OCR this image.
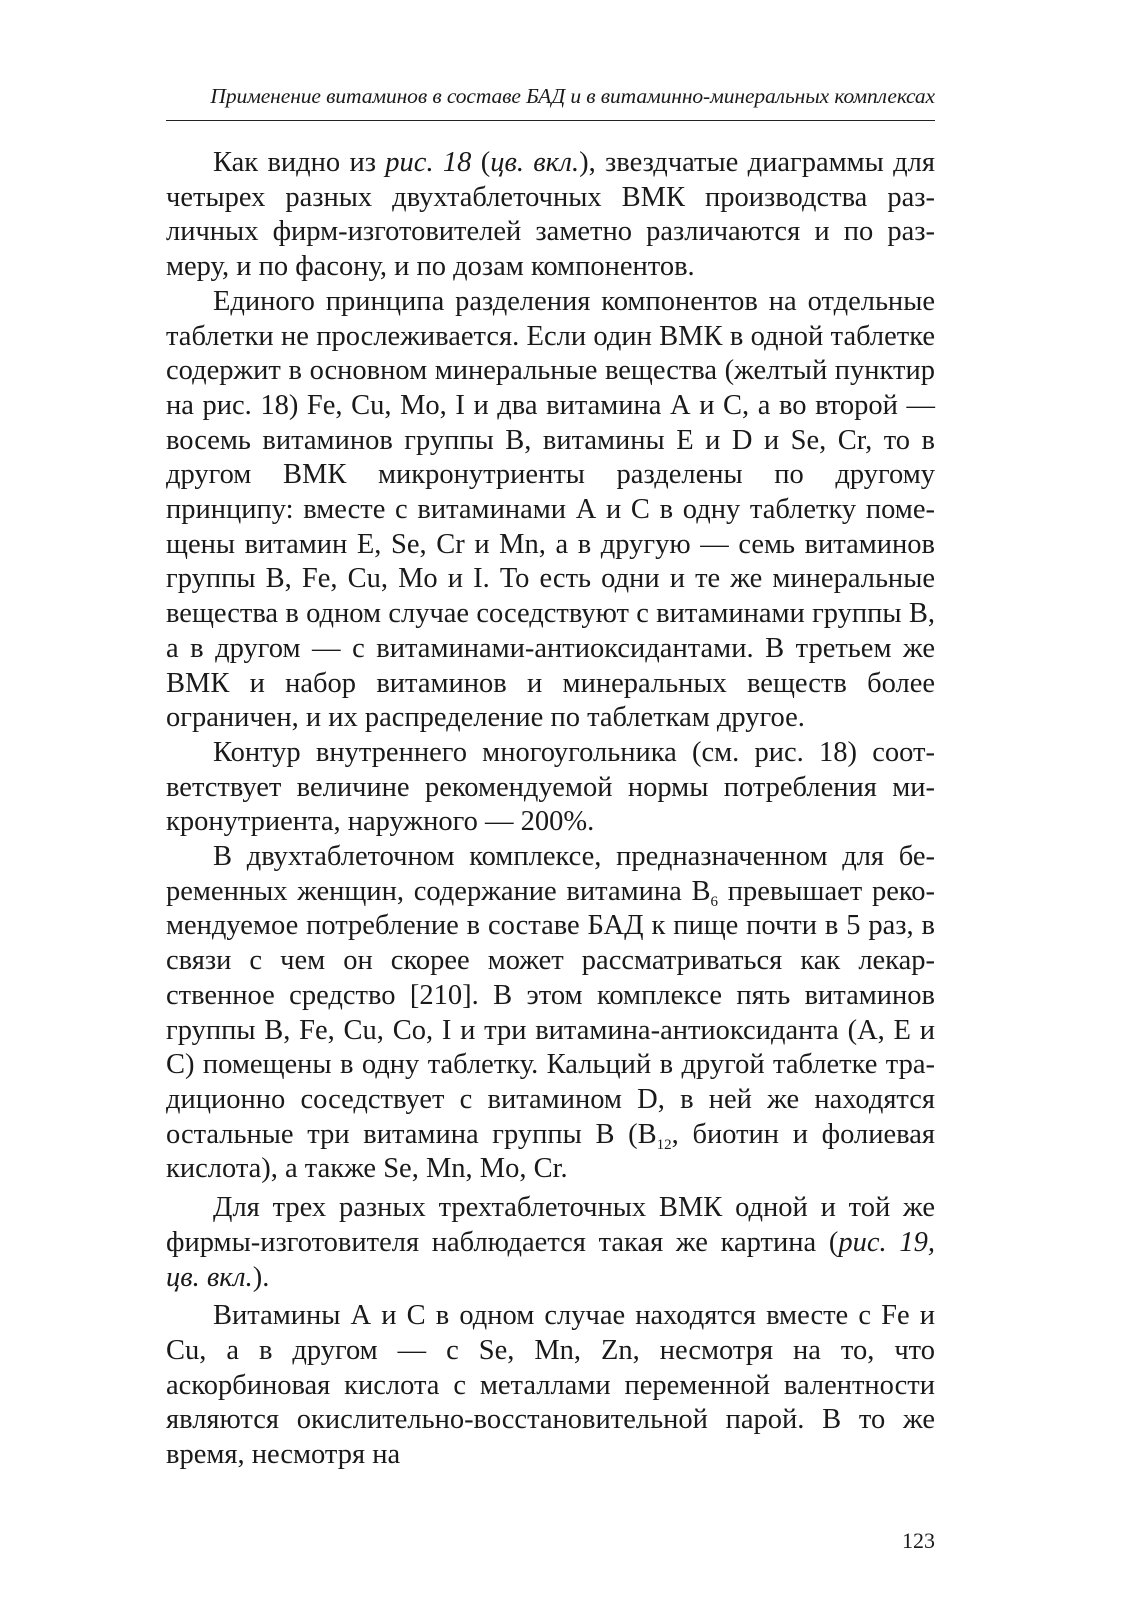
Применение витаминов в составе БАД и в витаминно-минеральных комплексах

Как видно из рис. 18 (цв. вкл.), звездчатые диаграммы для четырех разных двухтаблеточных ВМК производства различных фирм-изготовителей заметно различаются и по размеру, и по фасону, и по дозам компонентов.

Единого принципа разделения компонентов на отдельные таблетки не прослеживается. Если один ВМК в одной таблетке содержит в основном минеральные вещества (желтый пунктир на рис. 18) Fe, Cu, Mo, I и два витамина А и С, а во второй — восемь витаминов группы В, витамины Е и D и Se, Cr, то в другом ВМК микронутриенты разделены по другому принципу: вместе с витаминами А и С в одну таблетку помещены витамин Е, Se, Cr и Mn, а в другую — семь витаминов группы В, Fe, Cu, Mo и I. То есть одни и те же минеральные вещества в одном случае соседствуют с витаминами группы В, а в другом — с витаминами-антиоксидантами. В третьем же ВМК и набор витаминов и минеральных веществ более ограничен, и их распределение по таблеткам другое.

Контур внутреннего многоугольника (см. рис. 18) соответствует величине рекомендуемой нормы потребления микронутриента, наружного — 200%.

В двухтаблеточном комплексе, предназначенном для беременных женщин, содержание витамина $В_6$ превышает рекомендуемое потребление в составе БАД к пище почти в 5 раз, в связи с чем он скорее может рассматриваться как лекарственное средство [210]. В этом комплексе пять витаминов группы В, Fe, Cu, Co, I и три витамина-антиоксиданта (А, Е и С) помещены в одну таблетку. Кальций в другой таблетке традиционно соседствует с витамином D, в ней же находятся остальные три витамина группы В ($В_{12}$, биотин и фолиевая кислота), а также Se, Mn, Mo, Cr.

Для трех разных трехтаблеточных ВМК одной и той же фирмы-изготовителя наблюдается такая же картина (рис. 19, цв. вкл.).

Витамины А и С в одном случае находятся вместе с Fe и Cu, а в другом — с Se, Mn, Zn, несмотря на то, что аскорбиновая кислота с металлами переменной валентности являются окислительно-восстановительной парой. В то же время, несмотря на

123
